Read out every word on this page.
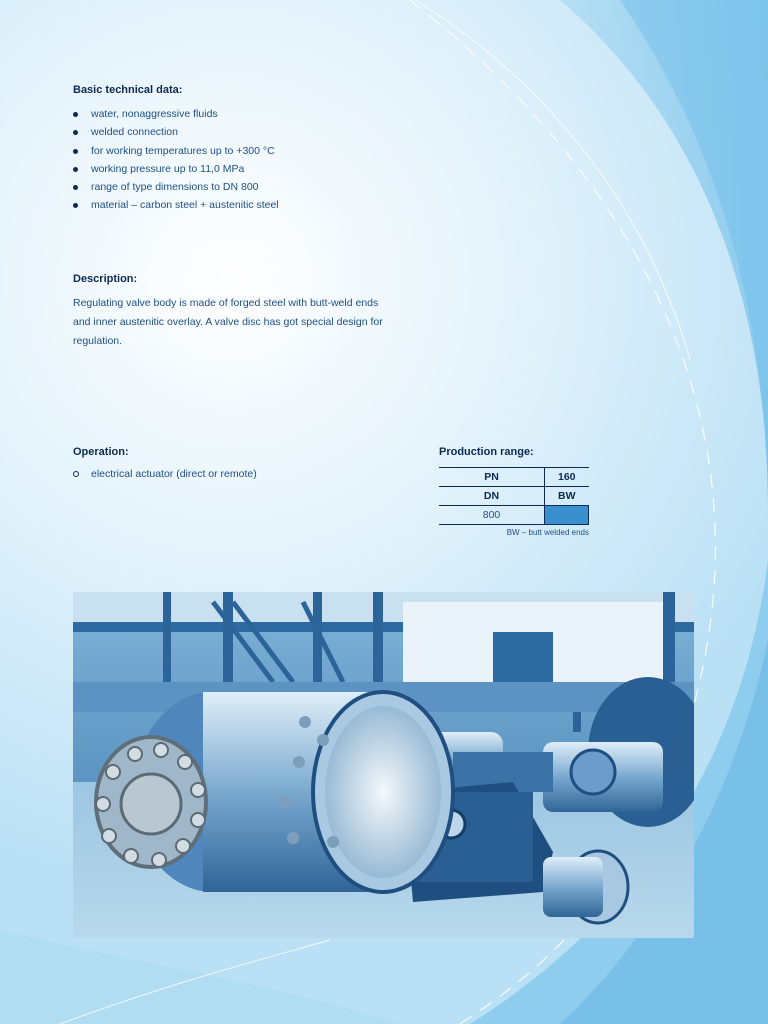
Basic technical data:
water, nonaggressive fluids
welded connection
for working temperatures up to +300 °C
working pressure up to 11,0 MPa
range of type dimensions to DN 800
material – carbon steel + austenitic steel
Description:
Regulating valve body is made of forged steel with butt-weld ends and inner austenitic overlay. A valve disc has got special design for regulation.
Operation:
electrical actuator (direct or remote)
Production range:
PN	160
DN	BW
800	
BW – butt welded ends
